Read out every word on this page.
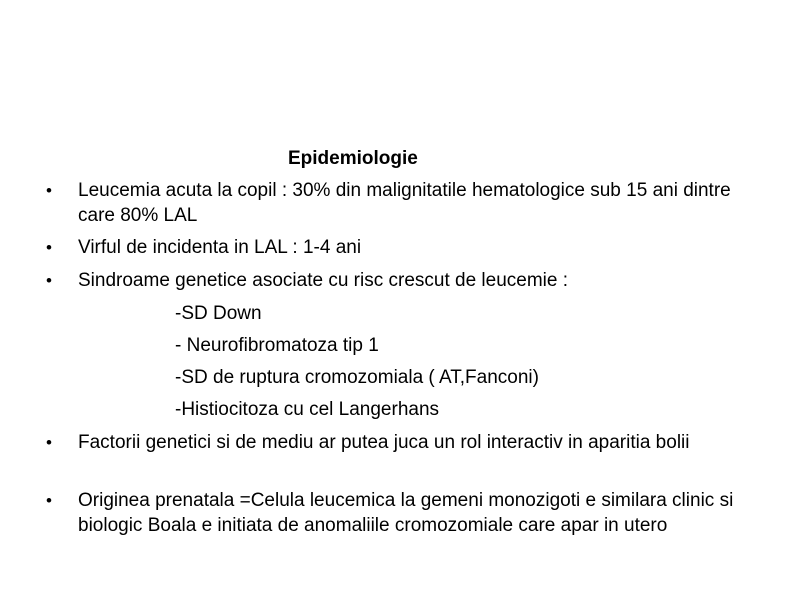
Epidemiologie
• Leucemia acuta la copil : 30% din malignitatile hematologice sub 15 ani dintre care 80% LAL
• Virful de incidenta in LAL : 1-4 ani
• Sindroame genetice asociate cu risc crescut de leucemie :
• Factorii genetici si de mediu ar putea juca un rol interactiv in aparitia bolii
• Originea prenatala =Celula leucemica la gemeni monozigoti e similara clinic si biologic Boala e initiata de anomaliile cromozomiale care apar in utero
-SD Down
- Neurofibromatoza tip 1
-SD de ruptura cromozomiala ( AT,Fanconi)
-Histiocitoza cu cel Langerhans
